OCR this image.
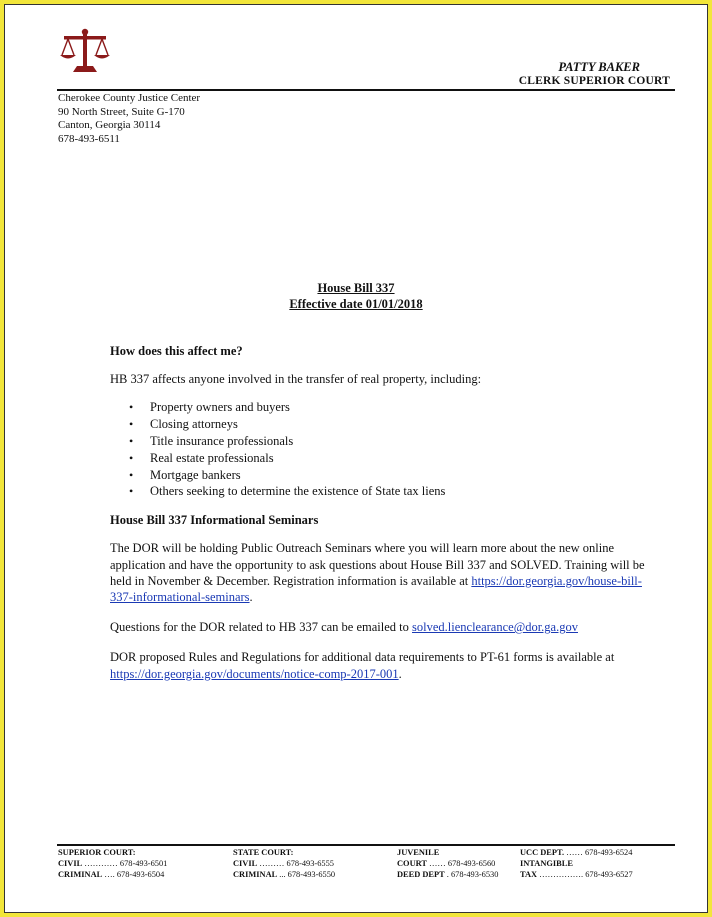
PATTY BAKER
CLERK SUPERIOR COURT
Cherokee County Justice Center
90 North Street, Suite G-170
Canton, Georgia 30114
678-493-6511
House Bill 337
Effective date 01/01/2018
How does this affect me?

HB 337 affects anyone involved in the transfer of real property, including:

• Property owners and buyers
• Closing attorneys
• Title insurance professionals
• Real estate professionals
• Mortgage bankers
• Others seeking to determine the existence of State tax liens
House Bill 337 Informational Seminars

The DOR will be holding Public Outreach Seminars where you will learn more about the new online application and have the opportunity to ask questions about House Bill 337 and SOLVED. Training will be held in November & December. Registration information is available at https://dor.georgia.gov/house-bill-337-informational-seminars.

Questions for the DOR related to HB 337 can be emailed to solved.lienclearance@dor.ga.gov

DOR proposed Rules and Regulations for additional data requirements to PT-61 forms is available at https://dor.georgia.gov/documents/notice-comp-2017-001.

SUPERIOR COURT:
CIVIL ………… 678-493-6501
CRIMINAL …. 678-493-6504
STATE COURT:
CIVIL ……… 678-493-6555
CRIMINAL ... 678-493-6550
JUVENILE
COURT …… 678-493-6560
DEED DEPT . 678-493-6530
UCC DEPT. …… 678-493-6524
INTANGIBLE
TAX ……………. 678-493-6527
